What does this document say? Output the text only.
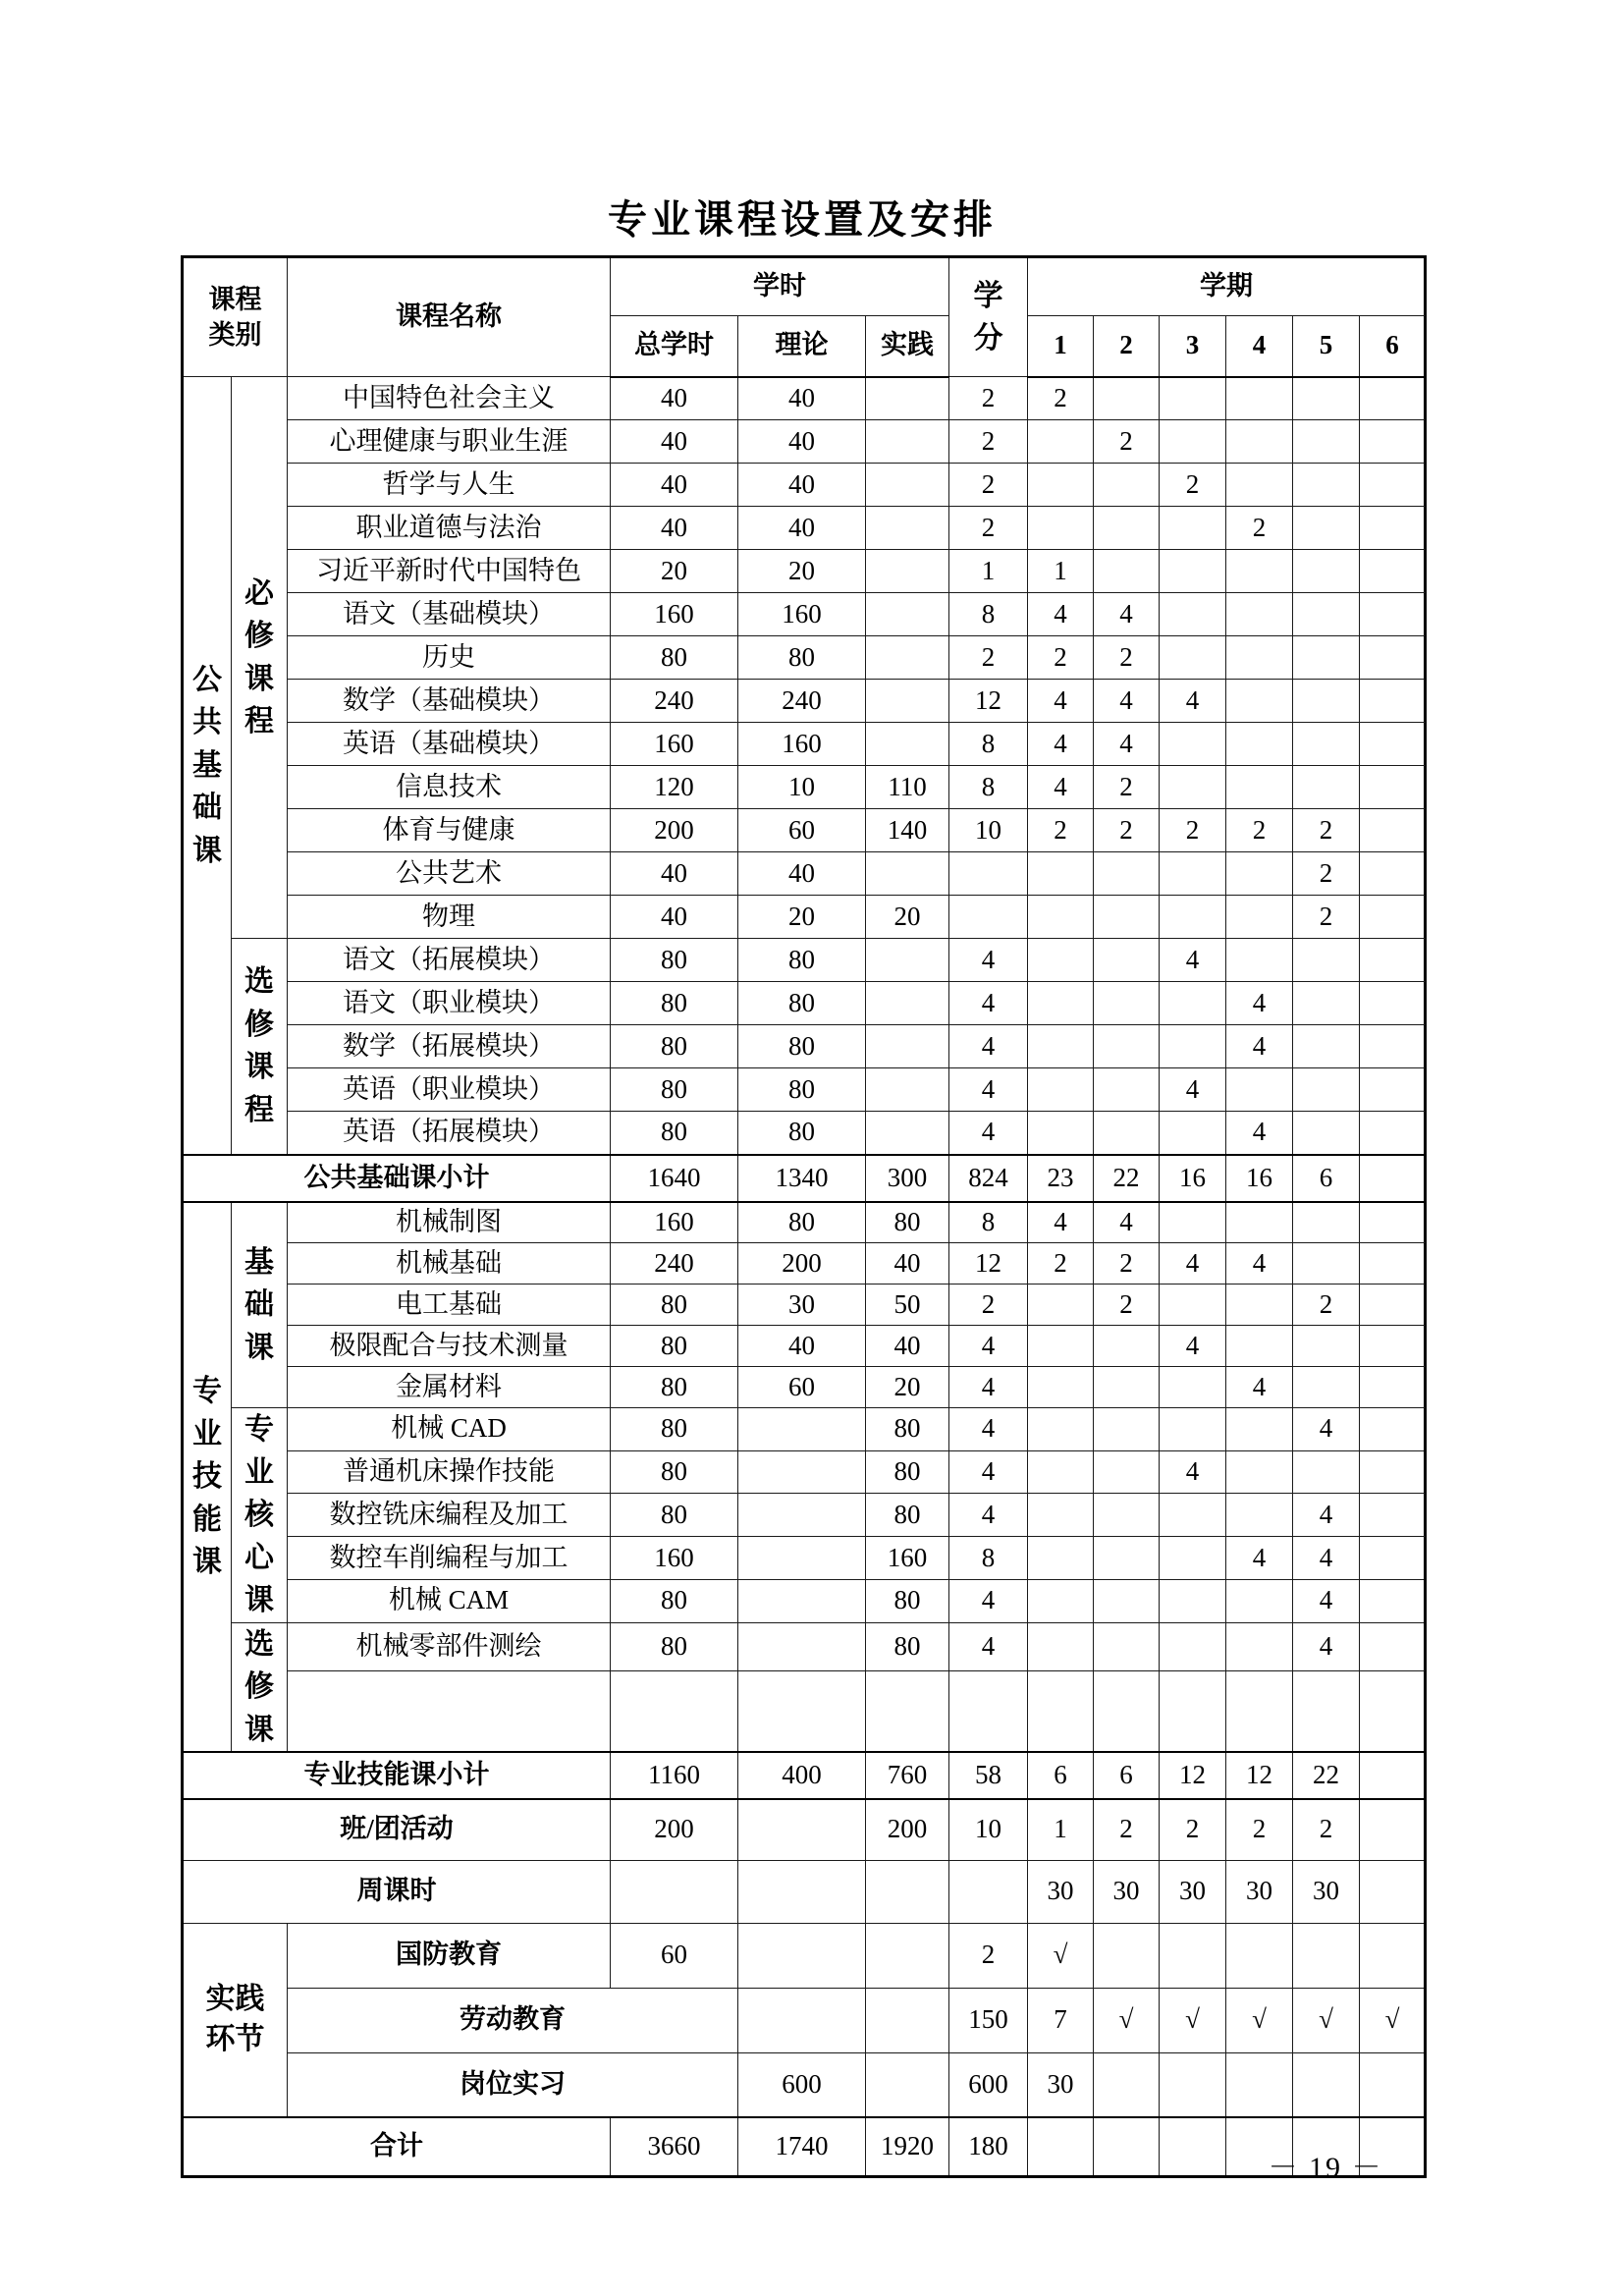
专业课程设置及安排
课程类别		课程名称	学时			学分	学期						
			总学时	理论	实践		1	2	3	4	5	6	

公共基础课	必修课程	中国特色社会主义	40	40		2	2						
		心理健康与职业生涯	40	40		2		2					
		哲学与人生	40	40		2			2				
		职业道德与法治	40	40		2				2			
		习近平新时代中国特色	20	20		1	1						
		语文（基础模块）	160	160		8	4	4					
		历史	80	80		2	2	2					
		数学（基础模块）	240	240		12	4	4	4				
		英语（基础模块）	160	160		8	4	4					
		信息技术	120	10	110	8	4	2					
		体育与健康	200	60	140	10	2	2	2	2	2		
		公共艺术	40	40							2		
		物理	40	20	20						2		

	选修课程	语文（拓展模块）	80	80		4			4				
		语文（职业模块）	80	80		4				4			
		数学（拓展模块）	80	80		4				4			
		英语（职业模块）	80	80		4			4				
		英语（拓展模块）	80	80		4				4			
公共基础课小计			1640	1340	300	824	23	22	16	16	6		

专业技能课	基础课	机械制图	160	80	80	8	4	4					
		机械基础	240	200	40	12	2	2	4	4			
		电工基础	80	30	50	2		2			2		
		极限配合与技术测量	80	40	40	4			4				
		金属材料	80	60	20	4				4			

	专业核心课	机械 CAD	80		80	4					4		
		普通机床操作技能	80		80	4			4				
		数控铣床编程及加工	80		80	4					4		
		数控车削编程与加工	160		160	8				4	4		
		机械 CAM	80		80	4					4		

	选修课	机械零部件测绘	80		80	4					4		

专业技能课小计			1160	400	760	58	6	6	12	12	22		
班/团活动			200		200	10	1	2	2	2	2		
周课时							30	30	30	30	30		

实践环节		国防教育	60			2	√						
		劳动教育				150	7	√	√	√	√	√	
		岗位实习		600		600	30						
合计			3660	1740	1920	180							
－ 19 －
